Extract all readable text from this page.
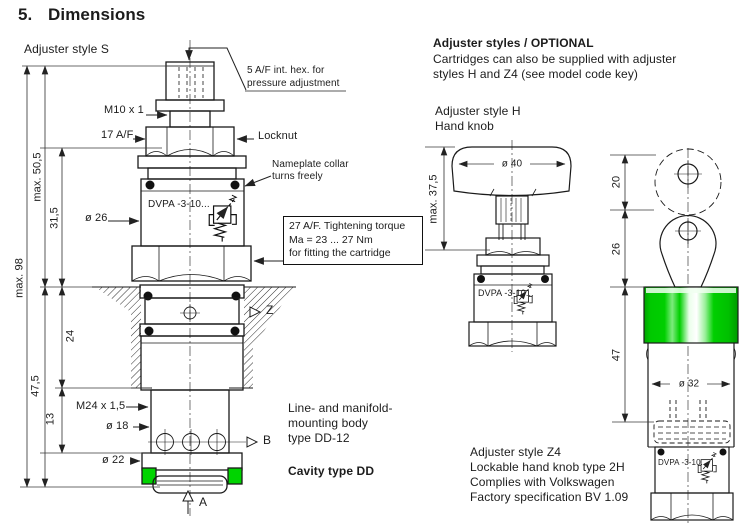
5. Dimensions
Adjuster style S
5 A/F int. hex. for
pressure adjustment
M10 x 1
17 A/F	Locknut
Nameplate collar
turns freely
DVPA -3-10...
ø 26
M24 x 1,5
ø 18
ø 22
max. 98
max. 50,5
31,5
24
47,5
13
Z
B
A
27 A/F. Tightening torque
Ma = 23 ... 27 Nm
for fitting the cartridge
Line- and manifold-
mounting body
type DD-12
Cavity type DD
Adjuster styles / OPTIONAL
Cartridges can also be supplied with adjuster
styles H and Z4 (see model code key)
Adjuster style H
Hand knob
ø 40
max. 37,5
DVPA -3-10...
20
26
47
ø 32
DVPA -3-10...
Adjuster style Z4
Lockable hand knob type 2H
Complies with Volkswagen
Factory specification BV 1.09
